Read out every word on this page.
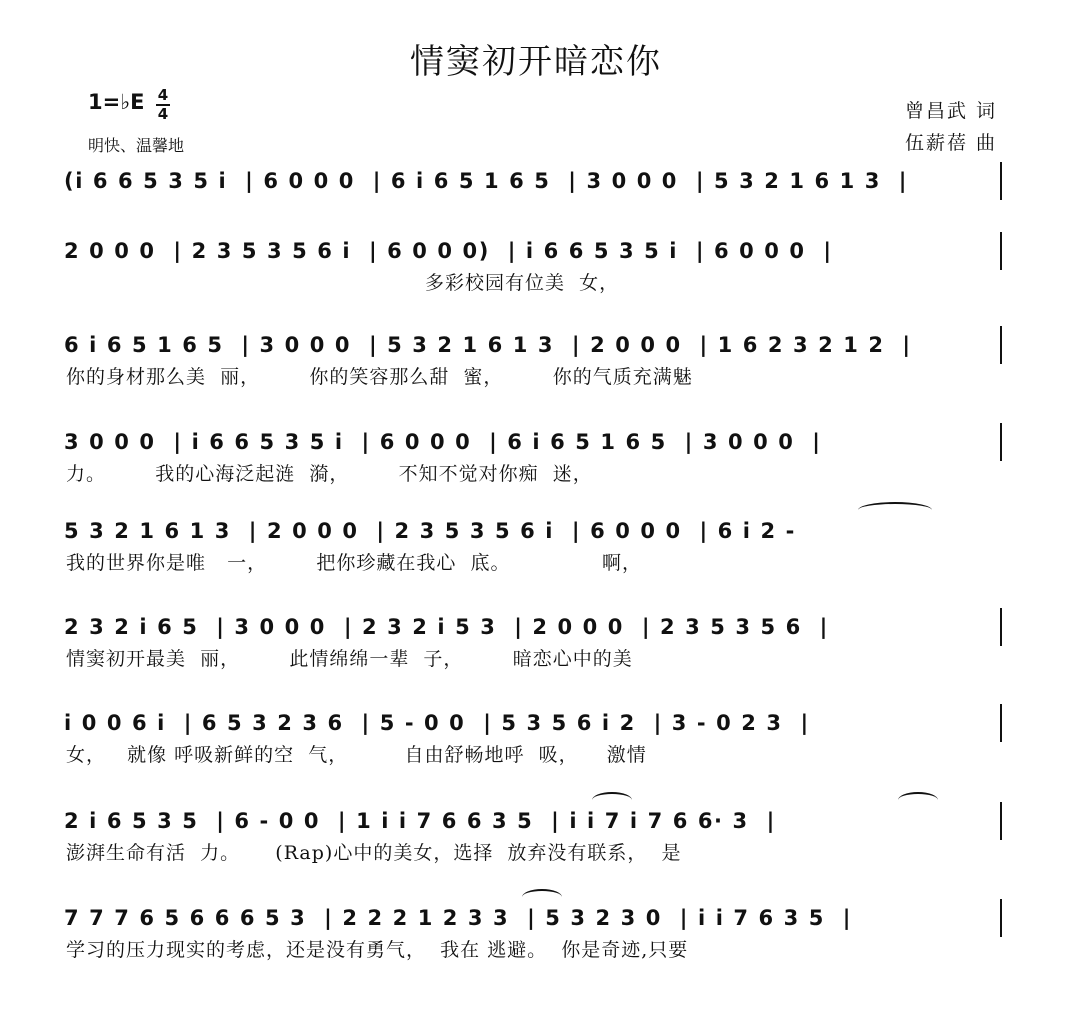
情窦初开暗恋你
1=♭E 4
4
明快、温馨地
曾昌武 词
伍薪蓓 曲
(i 6 6 5 3 5 i  | 6 0 0 0  | 6 i 6 5 1 6 5  | 3 0 0 0  | 5 3 2 1 6 1 3  |
2 0 0 0  | 2 3 5 3 5 6 i  | 6 0 0 0)  | i 6 6 5 3 5 i  | 6 0 0 0  |
多彩校园有位美  女，
6 i 6 5 1 6 5  | 3 0 0 0  | 5 3 2 1 6 1 3  | 2 0 0 0  | 1 6 2 3 2 1 2  |
你的身材那么美  丽，       你的笑容那么甜  蜜，       你的气质充满魅
3 0 0 0  | i 6 6 5 3 5 i  | 6 0 0 0  | 6 i 6 5 1 6 5  | 3 0 0 0  |
力。       我的心海泛起涟  漪，       不知不觉对你痴  迷，
5 3 2 1 6 1 3  | 2 0 0 0  | 2 3 5 3 5 6 i  | 6 0 0 0  | 6 i 2 -
我的世界你是唯   一，       把你珍藏在我心  底。             啊，
2 3 2 i 6 5  | 3 0 0 0  | 2 3 2 i 5 3  | 2 0 0 0  | 2 3 5 3 5 6  |
情窦初开最美  丽，       此情绵绵一辈  子，       暗恋心中的美
i 0 0 6 i  | 6 5 3 2 3 6  | 5 - 0 0  | 5 3 5 6 i 2  | 3 - 0 2 3  |
女，   就像 呼吸新鲜的空  气，        自由舒畅地呼  吸，    激情
2 i 6 5 3 5  | 6 - 0 0  | 1 i i 7 6 6 3 5  | i i 7 i 7 6 6· 3  |
澎湃生命有活  力。     (Rap)心中的美女，选择  放弃没有联系，  是
7 7 7 6 5 6 6 6 5 3  | 2 2 2 1 2 3 3  | 5 3 2 3 0  | i i 7 6 3 5  |
学习的压力现实的考虑，还是没有勇气，  我在 逃避。  你是奇迹,只要
